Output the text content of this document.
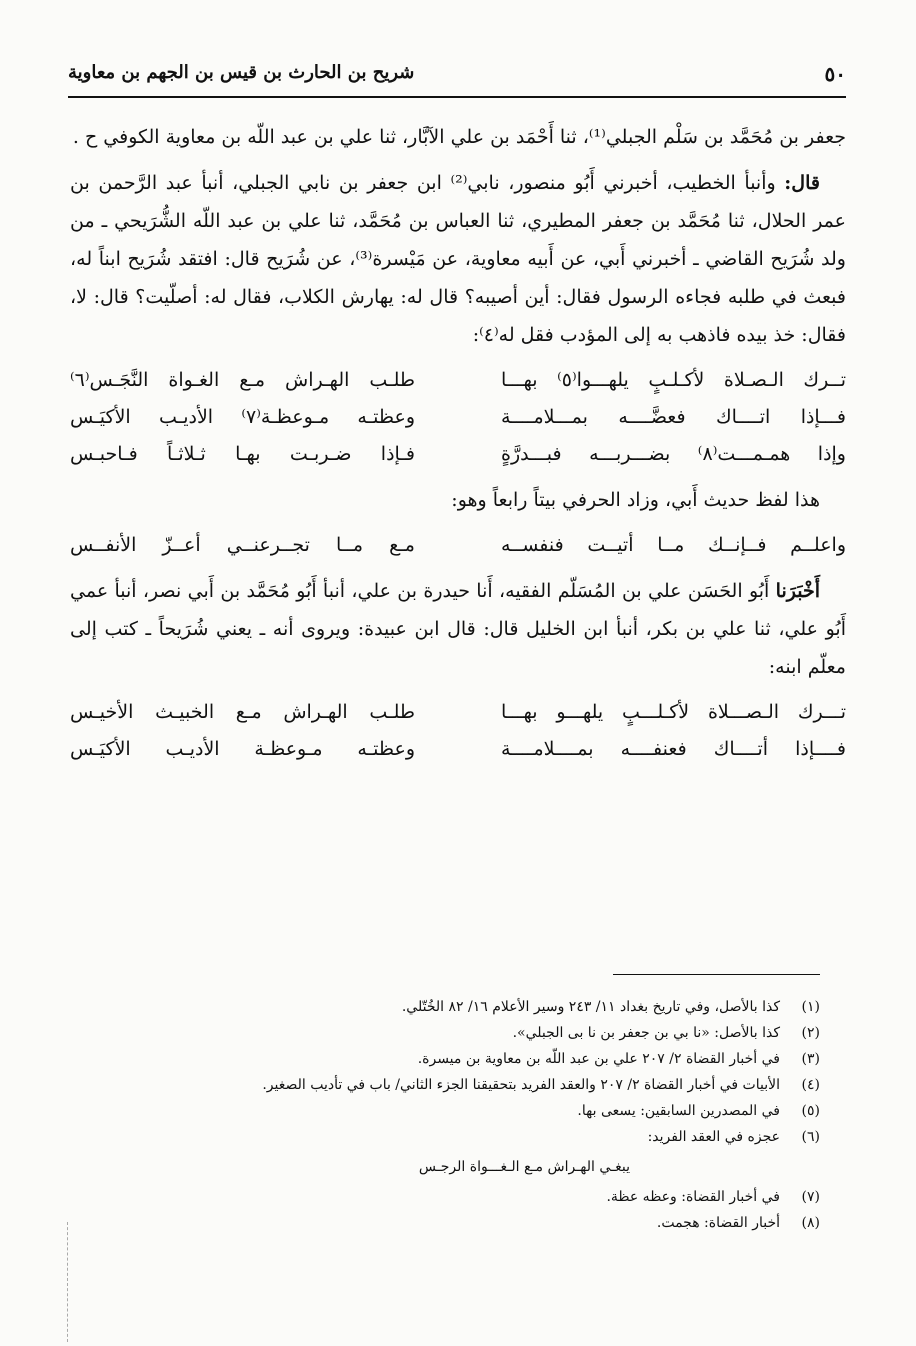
٥٠
شريح بن الحارث بن قيس بن الجهم بن معاوية

جعفر بن مُحَمَّد بن سَلْم الجبلي⁽¹⁾، ثنا أَحْمَد بن علي الآبَّار، ثنا علي بن عبد اللّه بن معاوية الكوفي ح .

قال: وأنبأ الخطيب، أخبرني أَبُو منصور، نابي⁽²⁾ ابن جعفر بن نابي الجبلي، أنبأ عبد الرَّحمن بن عمر الحلال، ثنا مُحَمَّد بن جعفر المطيري، ثنا العباس بن مُحَمَّد، ثنا علي بن عبد اللّه الشُّرَيحي ـ من ولد شُرَيح القاضي ـ أخبرني أَبي، عن أَبيه معاوية، عن مَيْسرة⁽³⁾، عن شُرَيح قال: افتقد شُرَيح ابناً له، فبعث في طلبه فجاءه الرسول فقال: أين أصيبه؟ قال له: يهارش الكلاب، فقال له: أصلّيت؟ قال: لا، فقال: خذ بيده فاذهب به إلى المؤدب فقل له⁽٤⁾:

تــرك الـصـلاة لأكـلـبٍ يلهـــوا⁽٥⁾ بهـــا
طلـب الهـراش مـع الغـواة النَّجَـس⁽٦⁾
فـــإذا اتــــاك فعضَّــــه بمـــلامــــة
وعظتـه مـوعظـة⁽٧⁾ الأديـب الأكيَـس
وإذا همـمـــت⁽٨⁾ بضـــربـــه فبـــدرَّةٍ
فـإذا ضـربـت بهـا ثـلاثـاً فـاحبـس

هذا لفظ حديث أَبي، وزاد الحرفي بيتاً رابعاً وهو:

واعلــم فــإنــك مــا أتيــت فنفســه
مـع مــا تجــرعنــي أعــزّ الأنفــس

أَخْبَرَنا أَبُو الحَسَن علي بن المُسَلّم الفقيه، أَنا حيدرة بن علي، أنبأ أَبُو مُحَمَّد بن أَبي نصر، أنبأ عمي أَبُو علي، ثنا علي بن بكر، أنبأ ابن الخليل قال: قال ابن عبيدة: ويروى أنه ـ يعني شُرَيحاً ـ كتب إلى معلّم ابنه:

تـــرك الـصـــلاة لأكـلـــبٍ يلهـــو بهـــا
طلـب الهـراش مـع الخبيـث الأخيـس
فــــإذا أتــــاك فعنفــــه بمــــلامــــة
وعظتـه مـوعظـة الأديـب الأكيَـس
(١)كذا بالأصل، وفي تاريخ بغداد ١١/ ٢٤٣ وسير الأعلام ١٦/ ٨٢ الخُتّلي.
(٢)كذا بالأصل: «نا بي بن جعفر بن نا بى الجبلي».
(٣)في أخبار القضاة ٢/ ٢٠٧ علي بن عبد اللّه بن معاوية بن ميسرة.
(٤)الأبيات في أخبار القضاة ٢/ ٢٠٧ والعقد الفريد بتحقيقنا الجزء الثاني/ باب في تأديب الصغير.
(٥)في المصدرين السابقين: يسعى بها.
(٦)عجزه في العقد الفريد:
يبغـي الهـراش مـع الـغـــواة الرجـس
(٧)في أخبار القضاة: وعظه عظة.
(٨)أخبار القضاة: هجمت.
